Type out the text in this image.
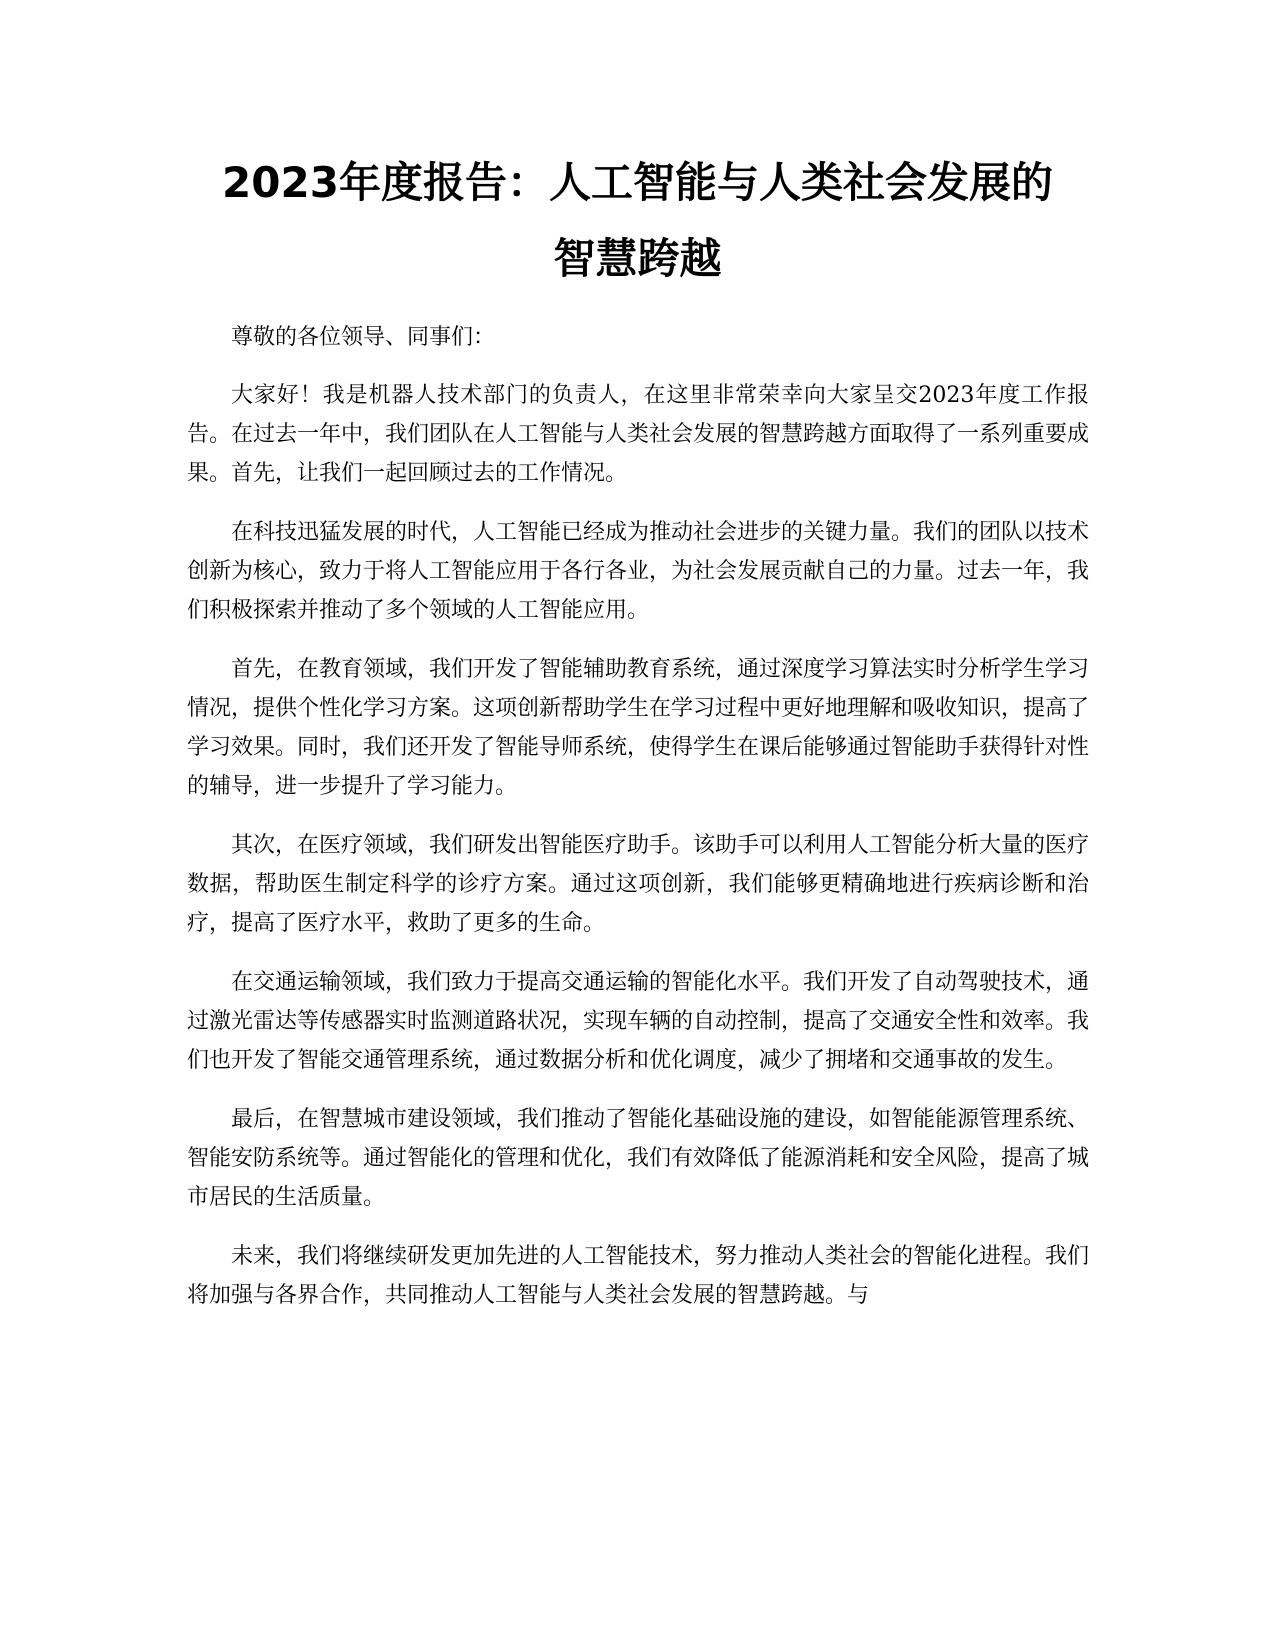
2023年度报告：人工智能与人类社会发展的
智慧跨越

尊敬的各位领导、同事们：

大家好！我是机器人技术部门的负责人，在这里非常荣幸向大家呈交2023年度工作报告。在过去一年中，我们团队在人工智能与人类社会发展的智慧跨越方面取得了一系列重要成果。首先，让我们一起回顾过去的工作情况。

在科技迅猛发展的时代，人工智能已经成为推动社会进步的关键力量。我们的团队以技术创新为核心，致力于将人工智能应用于各行各业，为社会发展贡献自己的力量。过去一年，我们积极探索并推动了多个领域的人工智能应用。

首先，在教育领域，我们开发了智能辅助教育系统，通过深度学习算法实时分析学生学习情况，提供个性化学习方案。这项创新帮助学生在学习过程中更好地理解和吸收知识，提高了学习效果。同时，我们还开发了智能导师系统，使得学生在课后能够通过智能助手获得针对性的辅导，进一步提升了学习能力。

其次，在医疗领域，我们研发出智能医疗助手。该助手可以利用人工智能分析大量的医疗数据，帮助医生制定科学的诊疗方案。通过这项创新，我们能够更精确地进行疾病诊断和治疗，提高了医疗水平，救助了更多的生命。

在交通运输领域，我们致力于提高交通运输的智能化水平。我们开发了自动驾驶技术，通过激光雷达等传感器实时监测道路状况，实现车辆的自动控制，提高了交通安全性和效率。我们也开发了智能交通管理系统，通过数据分析和优化调度，减少了拥堵和交通事故的发生。

最后，在智慧城市建设领域，我们推动了智能化基础设施的建设，如智能能源管理系统、智能安防系统等。通过智能化的管理和优化，我们有效降低了能源消耗和安全风险，提高了城市居民的生活质量。

未来，我们将继续研发更加先进的人工智能技术，努力推动人类社会的智能化进程。我们将加强与各界合作，共同推动人工智能与人类社会发展的智慧跨越。与
